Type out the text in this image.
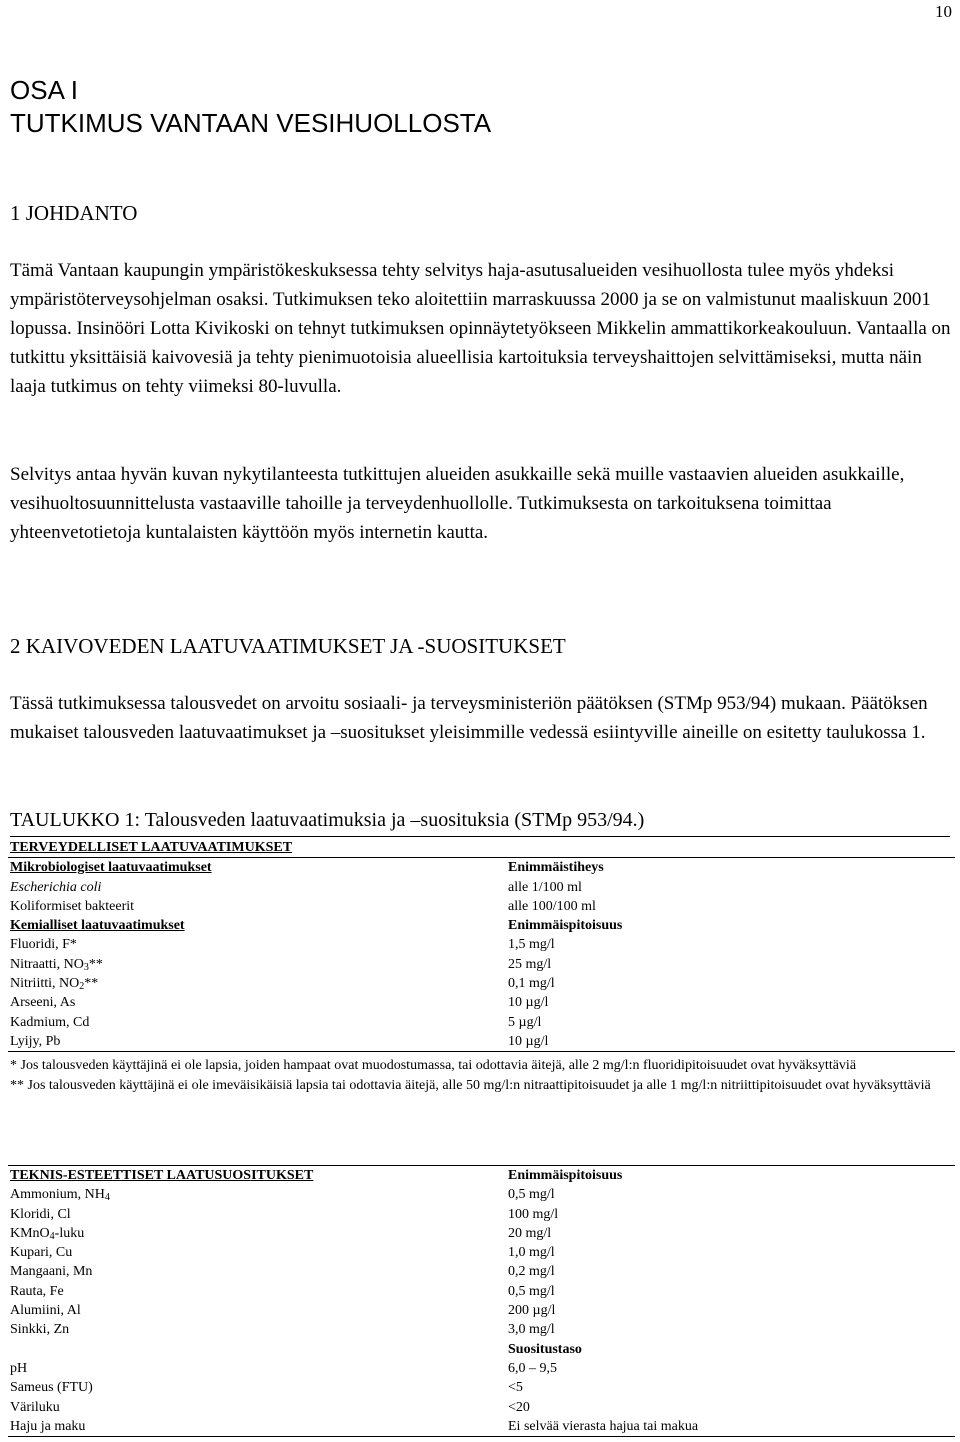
10
OSA I
TUTKIMUS VANTAAN VESIHUOLLOSTA
1 JOHDANTO

Tämä Vantaan kaupungin ympäristökeskuksessa tehty selvitys haja-asutusalueiden vesihuollosta tulee myös yhdeksi ympäristöterveysohjelman osaksi. Tutkimuksen teko aloitettiin marraskuussa 2000 ja se on valmistunut maaliskuun 2001 lopussa. Insinööri Lotta Kivikoski on tehnyt tutkimuksen opinnäytetyökseen Mikkelin ammattikorkeakouluun. Vantaalla on tutkittu yksittäisiä kaivovesiä ja tehty pienimuotoisia alueellisia kartoituksia terveyshaittojen selvittämiseksi, mutta näin laaja tutkimus on tehty viimeksi 80-luvulla.

Selvitys antaa hyvän kuvan nykytilanteesta tutkittujen alueiden asukkaille sekä muille vastaavien alueiden asukkaille, vesihuoltosuunnittelusta vastaaville tahoille ja terveydenhuollolle. Tutkimuksesta on tarkoituksena toimittaa yhteenvetotietoja kuntalaisten käyttöön myös internetin kautta.

2 KAIVOVEDEN LAATUVAATIMUKSET JA -SUOSITUKSET

Tässä tutkimuksessa talousvedet on arvoitu sosiaali- ja terveysministeriön päätöksen (STMp 953/94) mukaan. Päätöksen mukaiset talousveden laatuvaatimukset ja –suositukset yleisimmille vedessä esiintyville aineille on esitetty taulukossa 1.

TAULUKKO 1: Talousveden laatuvaatimuksia ja –suosituksia (STMp 953/94.)
TERVEYDELLISET LAATUVAATIMUKSET	
Mikrobiologiset laatuvaatimukset	Enimmäistiheys
Escherichia coli	alle 1/100 ml
Koliformiset bakteerit	alle 100/100 ml
Kemialliset laatuvaatimukset	Enimmäispitoisuus
Fluoridi, F*	1,5 mg/l
Nitraatti, $NO_3**$	25 mg/l
Nitriitti, $NO_2**$	0,1 mg/l
Arseeni, As	10 µg/l
Kadmium, Cd	5 µg/l
Lyijy, Pb	10 µg/l

* Jos talousveden käyttäjinä ei ole lapsia, joiden hampaat ovat muodostumassa, tai odottavia äitejä, alle 2 mg/l:n fluoridipitoisuudet ovat hyväksyttäviä

** Jos talousveden käyttäjinä ei ole imeväisikäisiä lapsia tai odottavia äitejä, alle 50 mg/l:n nitraattipitoisuudet ja alle 1 mg/l:n nitriittipitoisuudet ovat hyväksyttäviä

TEKNIS-ESTEETTISET LAATUSUOSITUKSET	Enimmäispitoisuus
Ammonium, $NH_4$	0,5 mg/l
Kloridi, Cl	100 mg/l
KMnO$_4$-luku	20 mg/l
Kupari, Cu	1,0 mg/l
Mangaani, Mn	0,2 mg/l
Rauta, Fe	0,5 mg/l
Alumiini, Al	200 µg/l
Sinkki, Zn	3,0 mg/l
	Suositustaso
pH	6,0 – 9,5
Sameus (FTU)	<5
Väriluku	<20
Haju ja maku	Ei selvää vierasta hajua tai makua
